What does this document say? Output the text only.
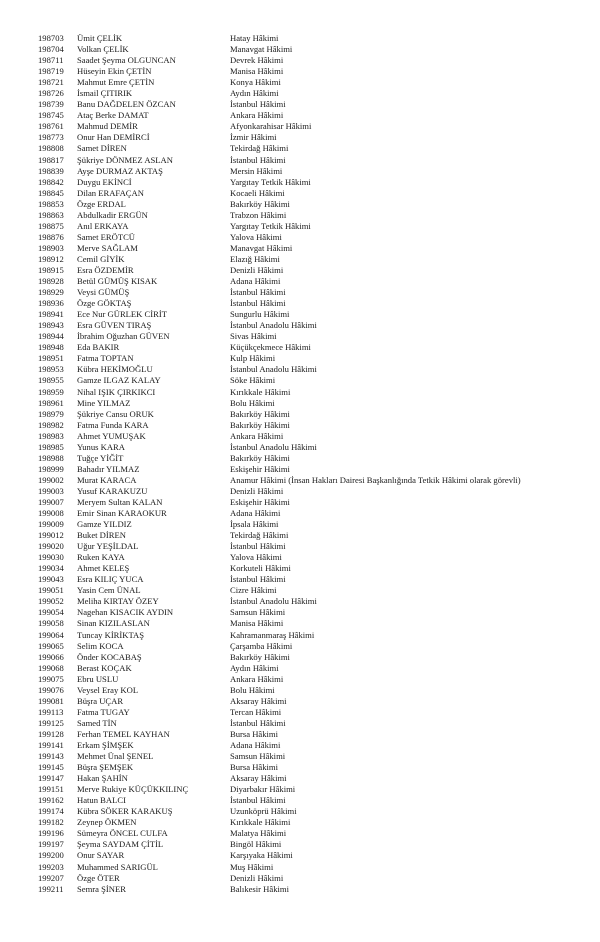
198703	Ümit ÇELİK	Hatay Hâkimi
198704	Volkan ÇELİK	Manavgat Hâkimi
198711	Saadet Şeyma OLGUNCAN	Devrek Hâkimi
198719	Hüseyin Ekin ÇETİN	Manisa Hâkimi
198721	Mahmut Emre ÇETİN	Konya Hâkimi
198726	İsmail ÇITIRIK	Aydın Hâkimi
198739	Banu DAĞDELEN ÖZCAN	İstanbul Hâkimi
198745	Ataç Berke DAMAT	Ankara Hâkimi
198761	Mahmud DEMİR	Afyonkarahisar Hâkimi
198773	Onur Han DEMİRCİ	İzmir Hâkimi
198808	Samet DİREN	Tekirdağ Hâkimi
198817	Şükriye DÖNMEZ ASLAN	İstanbul Hâkimi
198839	Ayşe DURMAZ AKTAŞ	Mersin Hâkimi
198842	Duygu EKİNCİ	Yargıtay Tetkik Hâkimi
198845	Dilan ERAFAÇAN	Kocaeli Hâkimi
198853	Özge ERDAL	Bakırköy Hâkimi
198863	Abdulkadir ERGÜN	Trabzon Hâkimi
198875	Anıl ERKAYA	Yargıtay Tetkik Hâkimi
198876	Samet ERÖTCÜ	Yalova Hâkimi
198903	Merve SAĞLAM	Manavgat Hâkimi
198912	Cemil GİYİK	Elazığ Hâkimi
198915	Esra ÖZDEMİR	Denizli Hâkimi
198928	Betül GÜMÜŞ KISAK	Adana Hâkimi
198929	Veysi GÜMÜŞ	İstanbul Hâkimi
198936	Özge GÖKTAŞ	İstanbul Hâkimi
198941	Ece Nur GÜRLEK CİRİT	Sungurlu Hâkimi
198943	Esra GÜVEN TIRAŞ	İstanbul Anadolu Hâkimi
198944	İbrahim Oğuzhan GÜVEN	Sivas Hâkimi
198948	Eda BAKIR	Küçükçekmece Hâkimi
198951	Fatma TOPTAN	Kulp Hâkimi
198953	Kübra HEKİMOĞLU	İstanbul Anadolu Hâkimi
198955	Gamze ILGAZ KALAY	Söke Hâkimi
198959	Nihal IŞIK ÇIRKIKCI	Kırıkkale Hâkimi
198961	Mine YILMAZ	Bolu Hâkimi
198979	Şükriye Cansu ORUK	Bakırköy Hâkimi
198982	Fatma Funda KARA	Bakırköy Hâkimi
198983	Ahmet YUMUŞAK	Ankara Hâkimi
198985	Yunus KARA	İstanbul Anadolu Hâkimi
198988	Tuğçe YİĞİT	Bakırköy Hâkimi
198999	Bahadır YILMAZ	Eskişehir Hâkimi
199002	Murat KARACA	Anamur Hâkimi (İnsan Hakları Dairesi Başkanlığında Tetkik Hâkimi olarak görevli)
199003	Yusuf KARAKUZU	Denizli Hâkimi
199007	Meryem Sultan KALAN	Eskişehir Hâkimi
199008	Emir Sinan KARAOKUR	Adana Hâkimi
199009	Gamze YILDIZ	İpsala Hâkimi
199012	Buket DİREN	Tekirdağ Hâkimi
199020	Uğur YEŞİLDAL	İstanbul Hâkimi
199030	Ruken KAYA	Yalova Hâkimi
199034	Ahmet KELEŞ	Korkuteli Hâkimi
199043	Esra KILIÇ YUCA	İstanbul Hâkimi
199051	Yasin Cem ÜNAL	Cizre Hâkimi
199052	Meliha KIRTAY ÖZEY	İstanbul Anadolu Hâkimi
199054	Nagehan KISACIK AYDIN	Samsun Hâkimi
199058	Sinan KIZILASLAN	Manisa Hâkimi
199064	Tuncay KİRİKTAŞ	Kahramanmaraş Hâkimi
199065	Selim KOCA	Çarşamba Hâkimi
199066	Önder KOCABAŞ	Bakırköy Hâkimi
199068	Berast KOÇAK	Aydın Hâkimi
199075	Ebru USLU	Ankara Hâkimi
199076	Veysel Eray KOL	Bolu Hâkimi
199081	Büşra UÇAR	Aksaray Hâkimi
199113	Fatma TUGAY	Tercan Hâkimi
199125	Samed TİN	İstanbul Hâkimi
199128	Ferhan TEMEL KAYHAN	Bursa Hâkimi
199141	Erkam ŞİMŞEK	Adana Hâkimi
199143	Mehmet Ünal ŞENEL	Samsun Hâkimi
199145	Büşra ŞEMŞEK	Bursa Hâkimi
199147	Hakan ŞAHİN	Aksaray Hâkimi
199151	Merve Rukiye KÜÇÜKKILINÇ	Diyarbakır Hâkimi
199162	Hatun BALCI	İstanbul Hâkimi
199174	Kübra SÖKER KARAKUŞ	Uzunköprü Hâkimi
199182	Zeynep ÖKMEN	Kırıkkale Hâkimi
199196	Sümeyra ÖNCEL CULFA	Malatya Hâkimi
199197	Şeyma SAYDAM ÇİTİL	Bingöl Hâkimi
199200	Onur SAYAR	Karşıyaka Hâkimi
199203	Muhammed SARIGÜL	Muş Hâkimi
199207	Özge ÖTER	Denizli Hâkimi
199211	Semra ŞİNER	Balıkesir Hâkimi
